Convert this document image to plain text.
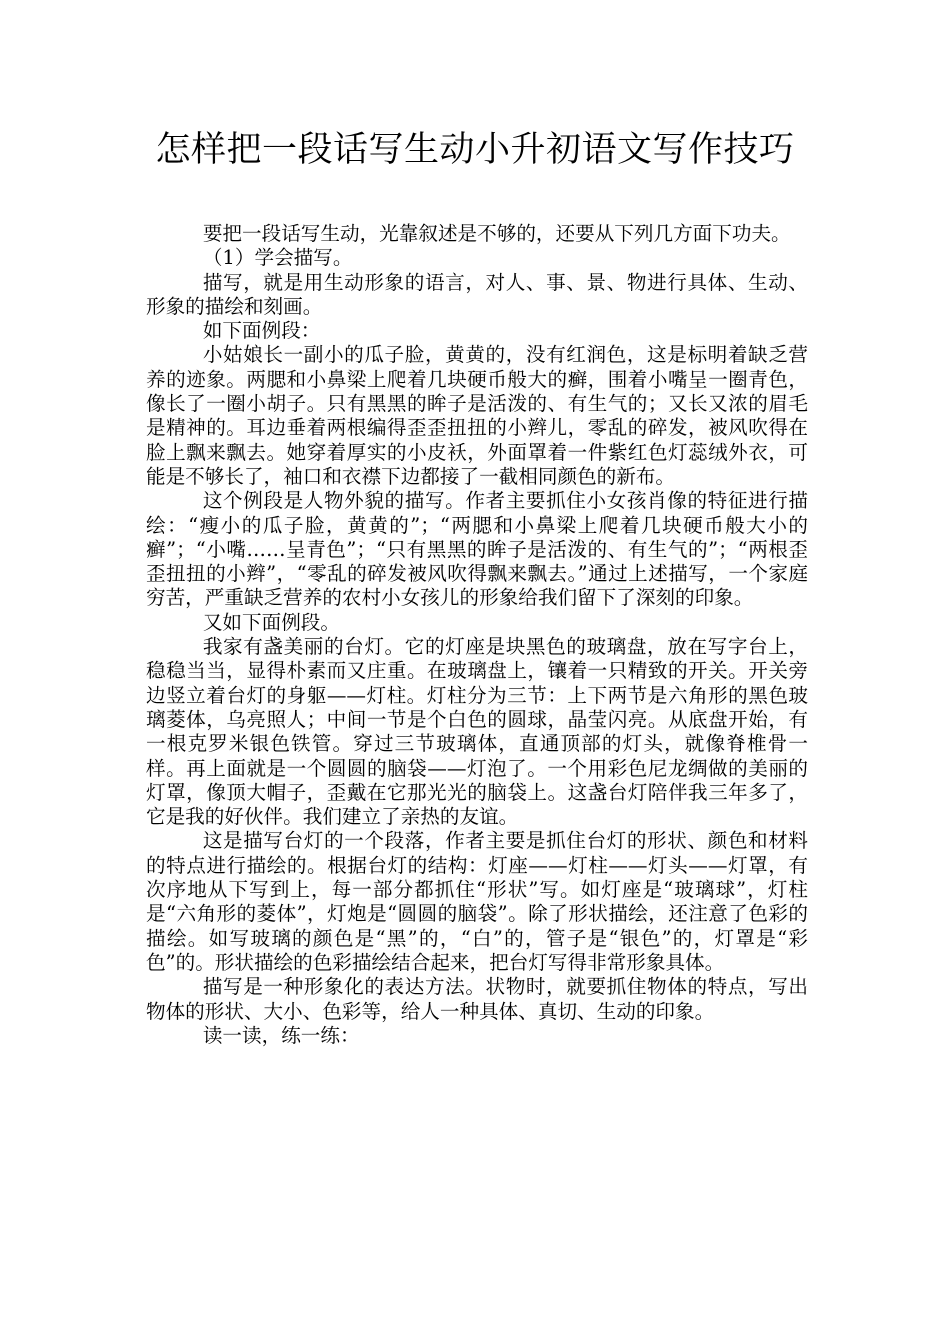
怎样把一段话写生动小升初语文写作技巧

要把一段话写生动，光靠叙述是不够的，还要从下列几方面下功夫。

（1）学会描写。

描写，就是用生动形象的语言，对人、事、景、物进行具体、生动、形象的描绘和刻画。

如下面例段：

小姑娘长一副小的瓜子脸，黄黄的，没有红润色，这是标明着缺乏营养的迹象。两腮和小鼻梁上爬着几块硬币般大的癣，围着小嘴呈一圈青色，像长了一圈小胡子。只有黑黑的眸子是活泼的、有生气的；又长又浓的眉毛是精神的。耳边垂着两根编得歪歪扭扭的小辫儿，零乱的碎发，被风吹得在脸上飘来飘去。她穿着厚实的小皮袄，外面罩着一件紫红色灯蕊绒外衣，可能是不够长了，袖口和衣襟下边都接了一截相同颜色的新布。

这个例段是人物外貌的描写。作者主要抓住小女孩肖像的特征进行描绘：“瘦小的瓜子脸，黄黄的”；“两腮和小鼻梁上爬着几块硬币般大小的癣”；“小嘴……呈青色”；“只有黑黑的眸子是活泼的、有生气的”；“两根歪歪扭扭的小辫”，“零乱的碎发被风吹得飘来飘去。”通过上述描写，一个家庭穷苦，严重缺乏营养的农村小女孩儿的形象给我们留下了深刻的印象。

又如下面例段。

我家有盏美丽的台灯。它的灯座是块黑色的玻璃盘，放在写字台上，稳稳当当，显得朴素而又庄重。在玻璃盘上，镶着一只精致的开关。开关旁边竖立着台灯的身躯——灯柱。灯柱分为三节：上下两节是六角形的黑色玻璃菱体，乌亮照人；中间一节是个白色的圆球，晶莹闪亮。从底盘开始，有一根克罗米银色铁管。穿过三节玻璃体，直通顶部的灯头，就像脊椎骨一样。再上面就是一个圆圆的脑袋——灯泡了。一个用彩色尼龙绸做的美丽的灯罩，像顶大帽子，歪戴在它那光光的脑袋上。这盏台灯陪伴我三年多了，它是我的好伙伴。我们建立了亲热的友谊。

这是描写台灯的一个段落，作者主要是抓住台灯的形状、颜色和材料的特点进行描绘的。根据台灯的结构：灯座——灯柱——灯头——灯罩，有次序地从下写到上，每一部分都抓住“形状”写。如灯座是“玻璃球”，灯柱是“六角形的菱体”，灯炮是“圆圆的脑袋”。除了形状描绘，还注意了色彩的描绘。如写玻璃的颜色是“黑”的，“白”的，管子是“银色”的，灯罩是“彩色”的。形状描绘的色彩描绘结合起来，把台灯写得非常形象具体。

描写是一种形象化的表达方法。状物时，就要抓住物体的特点，写出物体的形状、大小、色彩等，给人一种具体、真切、生动的印象。

读一读，练一练：
